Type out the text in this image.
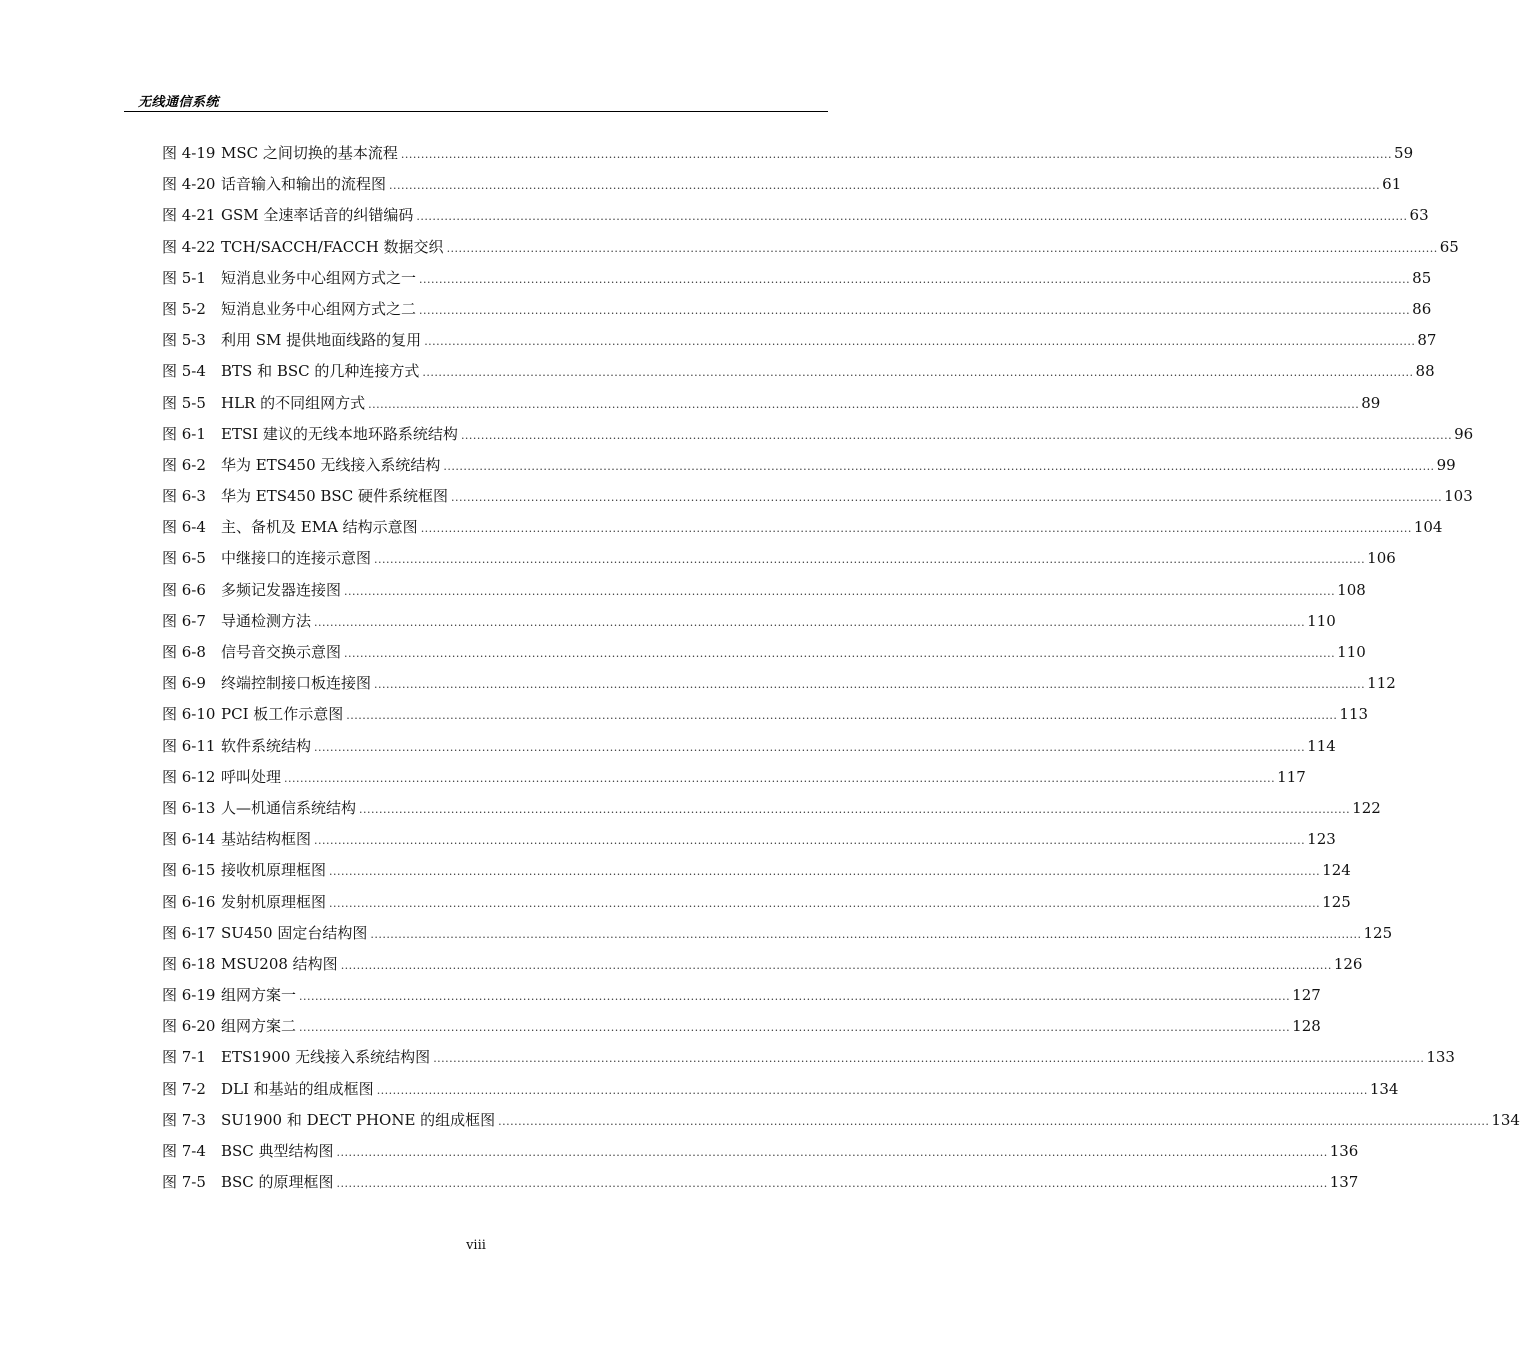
无线通信系统
图 4-19 MSC 之间切换的基本流程 .....	59
图 4-20 话音输入和输出的流程图 .....	61
图 4-21 GSM 全速率话音的纠错编码 .....	63
图 4-22 TCH/SACCH/FACCH 数据交织 .....	65
图 5-1	短消息业务中心组网方式之一 .....	85
图 5-2	短消息业务中心组网方式之二 .....	86
图 5-3	利用 SM 提供地面线路的复用 .....	87
图 5-4	BTS 和 BSC 的几种连接方式 .....	88
图 5-5	HLR 的不同组网方式 .....	89
图 6-1	ETSI 建议的无线本地环路系统结构 .....	96
图 6-2	华为 ETS450 无线接入系统结构 .....	99
图 6-3	华为 ETS450 BSC 硬件系统框图 .....	103
图 6-4	主、备机及 EMA 结构示意图 .....	104
图 6-5	中继接口的连接示意图 .....	106
图 6-6	多频记发器连接图 .....	108
图 6-7	导通检测方法 .....	110
图 6-8	信号音交换示意图 .....	110
图 6-9	终端控制接口板连接图 .....	112
图 6-10 PCI 板工作示意图 .....	113
图 6-11 软件系统结构 .....	114
图 6-12 呼叫处理 .....	117
图 6-13 人—机通信系统结构 .....	122
图 6-14 基站结构框图 .....	123
图 6-15 接收机原理框图 .....	124
图 6-16 发射机原理框图 .....	125
图 6-17 SU450 固定台结构图 .....	125
图 6-18 MSU208 结构图 .....	126
图 6-19 组网方案一 .....	127
图 6-20 组网方案二 .....	128
图 7-1	ETS1900 无线接入系统结构图 .....	133
图 7-2	DLI 和基站的组成框图 .....	134
图 7-3	SU1900 和 DECT PHONE 的组成框图 .....	134
图 7-4	BSC 典型结构图 .....	136
图 7-5	BSC 的原理框图 .....	137
viii
